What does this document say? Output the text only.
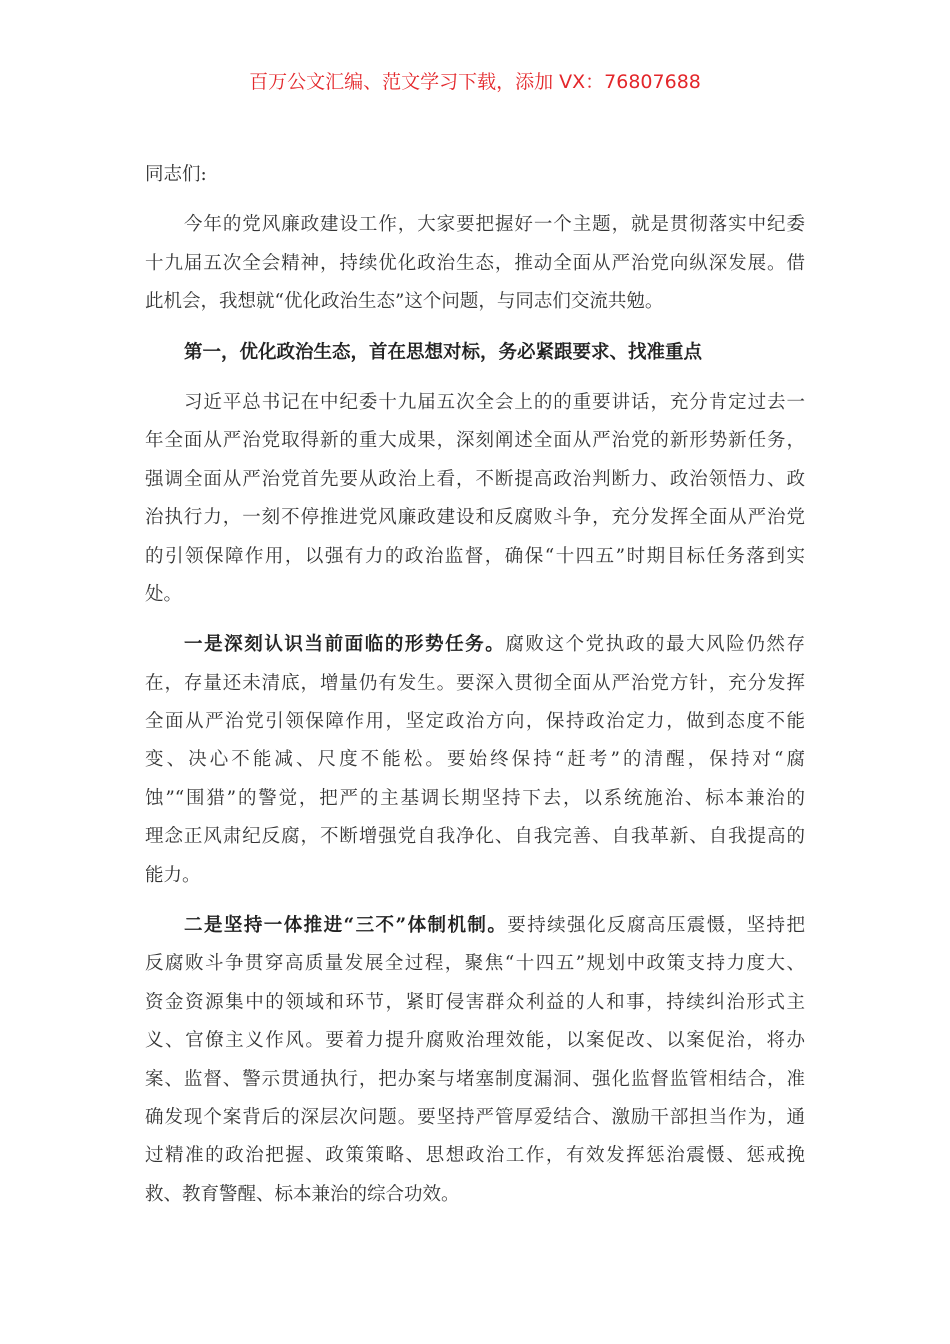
百万公文汇编、范文学习下载，添加 VX：76807688
同志们:
今年的党风廉政建设工作，大家要把握好一个主题，就是贯彻落实中纪委
十九届五次全会精神，持续优化政治生态，推动全面从严治党向纵深发展。借
此机会，我想就“优化政治生态”这个问题，与同志们交流共勉。
第一，优化政治生态，首在思想对标，务必紧跟要求、找准重点
习近平总书记在中纪委十九届五次全会上的的重要讲话，充分肯定过去一
年全面从严治党取得新的重大成果，深刻阐述全面从严治党的新形势新任务，
强调全面从严治党首先要从政治上看，不断提高政治判断力、政治领悟力、政
治执行力，一刻不停推进党风廉政建设和反腐败斗争，充分发挥全面从严治党
的引领保障作用，以强有力的政治监督，确保“十四五”时期目标任务落到实
处。
一是深刻认识当前面临的形势任务。腐败这个党执政的最大风险仍然存
在，存量还未清底，增量仍有发生。要深入贯彻全面从严治党方针，充分发挥
全面从严治党引领保障作用，坚定政治方向，保持政治定力，做到态度不能
变、决心不能减、尺度不能松。要始终保持“赶考”的清醒，保持对“腐
蚀”“围猎”的警觉，把严的主基调长期坚持下去，以系统施治、标本兼治的
理念正风肃纪反腐，不断增强党自我净化、自我完善、自我革新、自我提高的
能力。
二是坚持一体推进“三不”体制机制。要持续强化反腐高压震慑，坚持把
反腐败斗争贯穿高质量发展全过程，聚焦“十四五”规划中政策支持力度大、
资金资源集中的领域和环节，紧盯侵害群众利益的人和事，持续纠治形式主
义、官僚主义作风。要着力提升腐败治理效能，以案促改、以案促治，将办
案、监督、警示贯通执行，把办案与堵塞制度漏洞、强化监督监管相结合，准
确发现个案背后的深层次问题。要坚持严管厚爱结合、激励干部担当作为，通
过精准的政治把握、政策策略、思想政治工作，有效发挥惩治震慑、惩戒挽
救、教育警醒、标本兼治的综合功效。
